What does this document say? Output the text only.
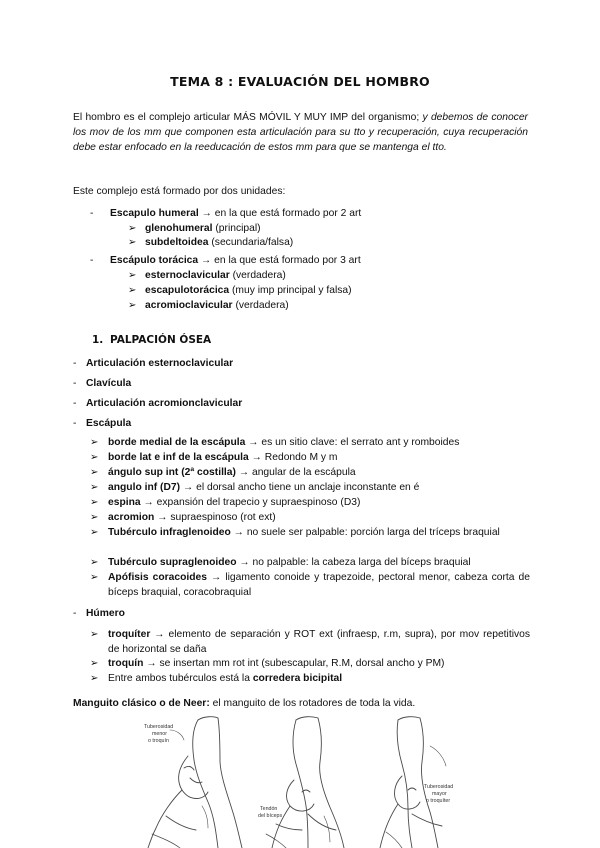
TEMA 8 : EVALUACIÓN DEL HOMBRO
El hombro es el complejo articular MÁS MÓVIL Y MUY IMP del organismo; y debemos de conocer los mov de los mm que componen esta articulación para su tto y recuperación, cuya recuperación debe estar enfocado en la reeducación de estos mm para que se mantenga el tto.
Este complejo está formado por dos unidades:
- Escapulo humeral → en la que está formado por 2 art
➢ glenohumeral (principal)
➢ subdeltoidea (secundaria/falsa)
- Escápulo torácica → en la que está formado por 3 art
➢ esternoclavicular (verdadera)
➢ escapulotorácica (muy imp principal y falsa)
➢ acromioclavicular (verdadera)
1. PALPACIÓN ÓSEA
- Articulación esternoclavicular
- Clavícula
- Articulación acromionclavicular
- Escápula
➢ borde medial de la escápula → es un sitio clave: el serrato ant y romboides
➢ borde lat e inf de la escápula → Redondo M y m
➢ ángulo sup int (2ª costilla) → angular de la escápula
➢ angulo inf (D7) → el dorsal ancho tiene un anclaje inconstante en é
➢ espina → expansión del trapecio y supraespinoso (D3)
➢ acromion → supraespinoso (rot ext)
➢ Tubérculo infraglenoideo → no suele ser palpable: porción larga del tríceps braquial
➢ Tubérculo supraglenoideo → no palpable: la cabeza larga del bíceps braquial
➢ Apófisis coracoides → ligamento conoide y trapezoide, pectoral menor, cabeza corta de bíceps braquial, coracobraquial
- Húmero
➢ troquíter → elemento de separación y ROT ext (infraesp, r.m, supra), por mov repetitivos de horizontal se daña
➢ troquín → se insertan mm rot int (subescapular, R.M, dorsal ancho y PM)
➢ Entre ambos tubérculos está la corredera bicipital
Manguito clásico o de Neer: el manguito de los rotadores de toda la vida.
Tuberosidad
menor
o troquín
Tendón
del bíceps
Tuberosidad
mayor
o troquíter
